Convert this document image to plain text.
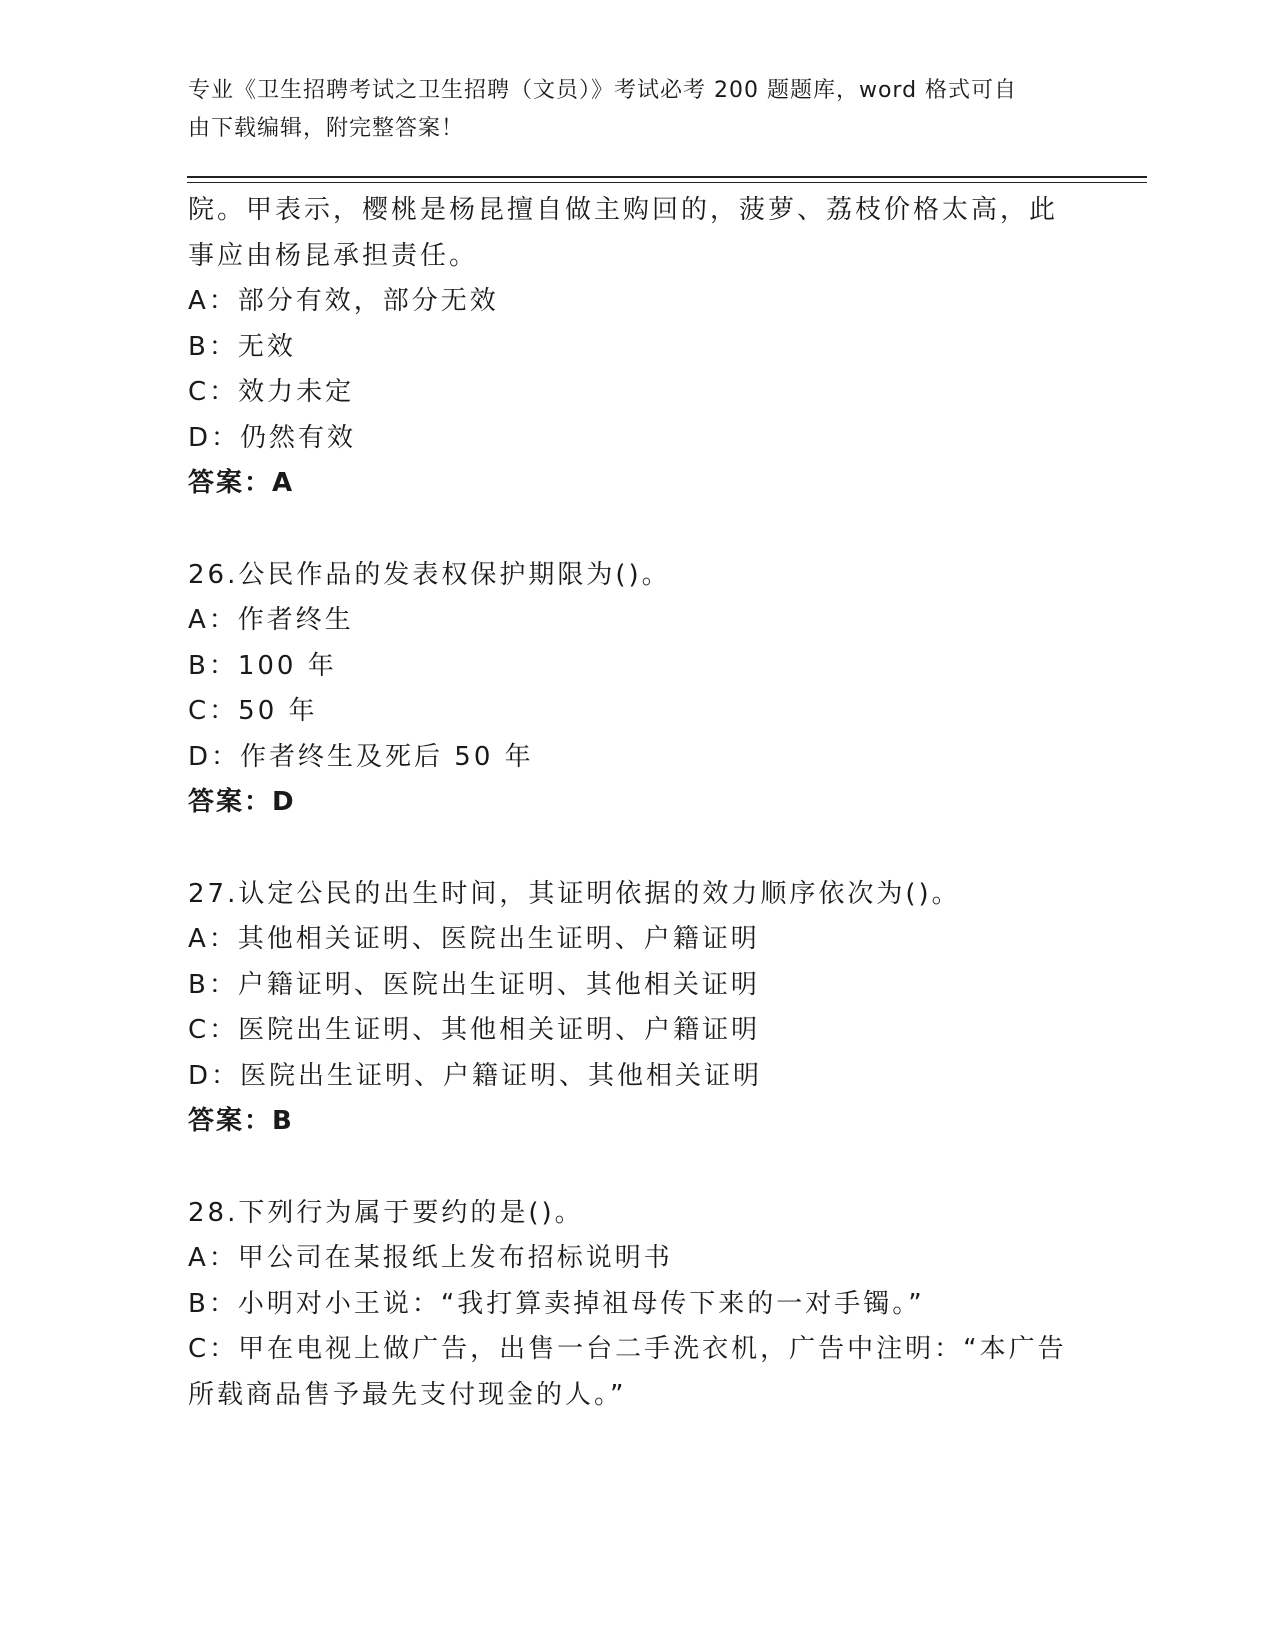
专业《卫生招聘考试之卫生招聘（文员）》考试必考 200 题题库，word 格式可自
由下载编辑，附完整答案！
院。甲表示，樱桃是杨昆擅自做主购回的，菠萝、荔枝价格太高，此
事应由杨昆承担责任。
A：部分有效，部分无效
B：无效
C：效力未定
D：仍然有效
答案：A
26.公民作品的发表权保护期限为()。
A：作者终生
B：100 年
C：50 年
D：作者终生及死后 50 年
答案：D
27.认定公民的出生时间，其证明依据的效力顺序依次为()。
A：其他相关证明、医院出生证明、户籍证明
B：户籍证明、医院出生证明、其他相关证明
C：医院出生证明、其他相关证明、户籍证明
D：医院出生证明、户籍证明、其他相关证明
答案：B
28.下列行为属于要约的是()。
A：甲公司在某报纸上发布招标说明书
B：小明对小王说：“我打算卖掉祖母传下来的一对手镯。”
C：甲在电视上做广告，出售一台二手洗衣机，广告中注明：“本广告
所载商品售予最先支付现金的人。”
